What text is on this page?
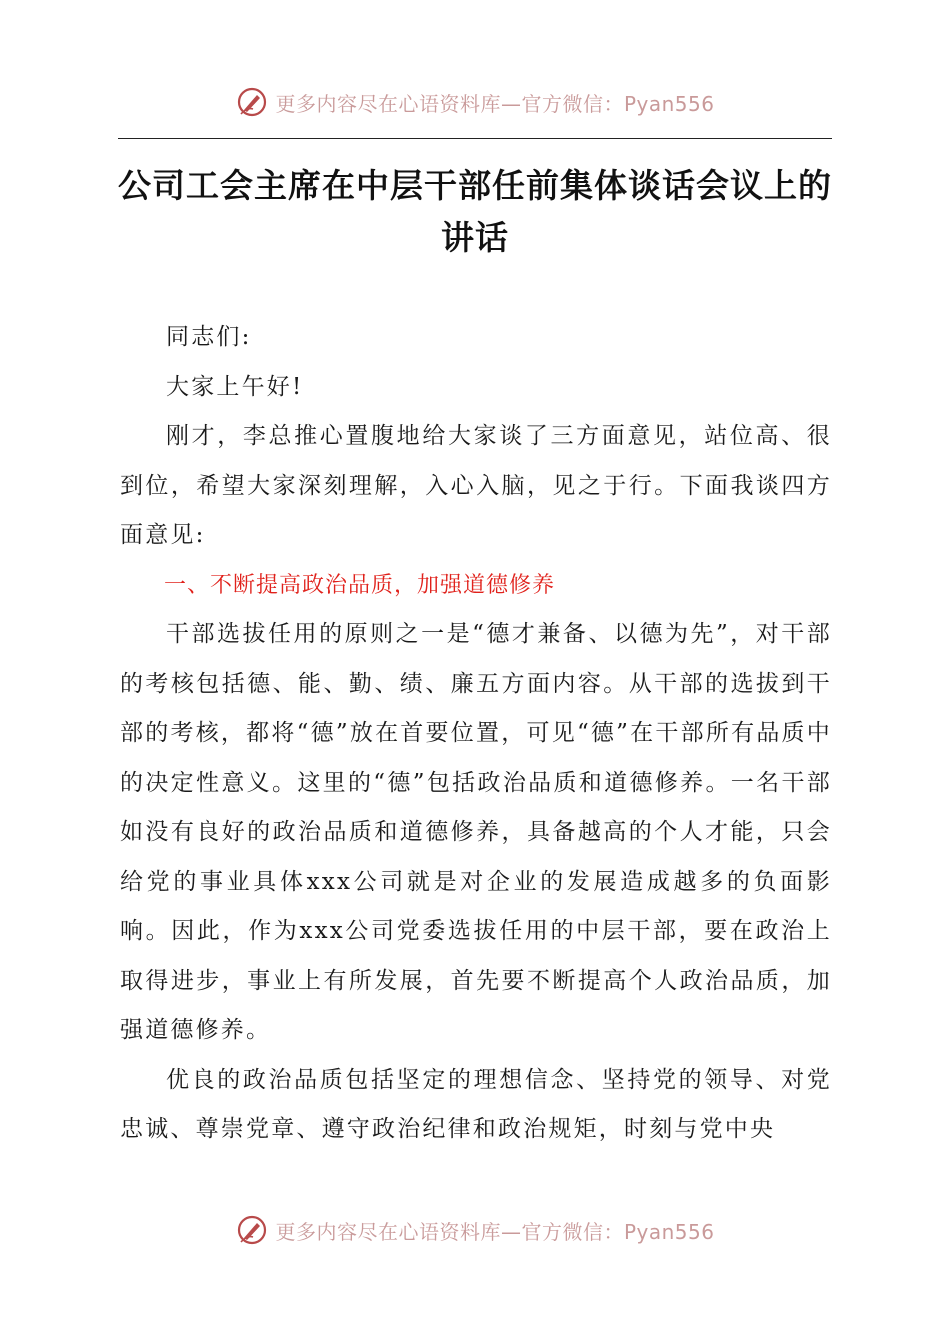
更多内容尽在心语资料库—官方微信：Pyan556
公司工会主席在中层干部任前集体谈话会议上的讲话

同志们:

大家上午好!

刚才，李总推心置腹地给大家谈了三方面意见，站位高、很到位，希望大家深刻理解，入心入脑，见之于行。下面我谈四方面意见:

一、不断提高政治品质，加强道德修养

干部选拔任用的原则之一是“德才兼备、以德为先”，对干部的考核包括德、能、勤、绩、廉五方面内容。从干部的选拔到干部的考核，都将“德”放在首要位置，可见“德”在干部所有品质中的决定性意义。这里的“德”包括政治品质和道德修养。一名干部如没有良好的政治品质和道德修养，具备越高的个人才能，只会给党的事业具体xxx公司就是对企业的发展造成越多的负面影响。因此，作为xxx公司党委选拔任用的中层干部，要在政治上取得进步，事业上有所发展，首先要不断提高个人政治品质，加强道德修养。

优良的政治品质包括坚定的理想信念、坚持党的领导、对党忠诚、尊崇党章、遵守政治纪律和政治规矩，时刻与党中央

更多内容尽在心语资料库—官方微信：Pyan556
